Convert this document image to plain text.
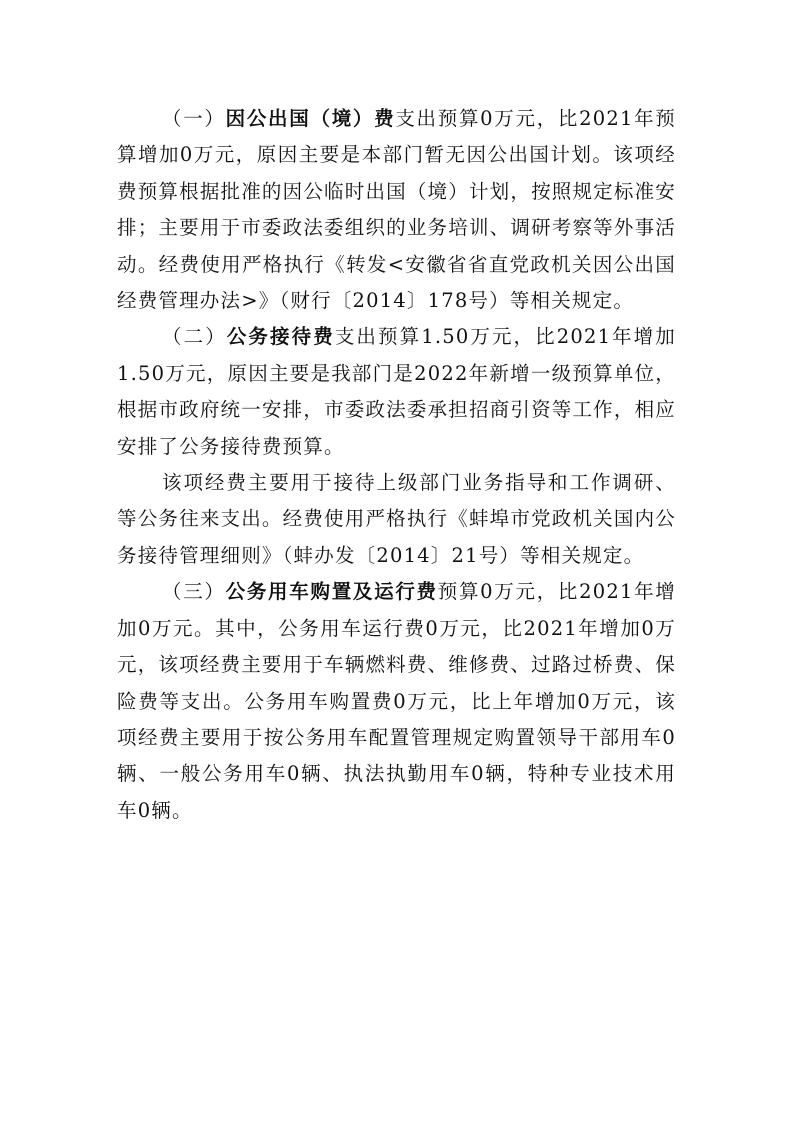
（一）因公出国（境）费支出预算0万元，比2021年预算增加0万元，原因主要是本部门暂无因公出国计划。该项经费预算根据批准的因公临时出国（境）计划，按照规定标准安排；主要用于市委政法委组织的业务培训、调研考察等外事活动。经费使用严格执行《转发<安徽省省直党政机关因公出国经费管理办法>》（财行〔2014〕178号）等相关规定。

（二）公务接待费支出预算1.50万元，比2021年增加1.50万元，原因主要是我部门是2022年新增一级预算单位，根据市政府统一安排，市委政法委承担招商引资等工作，相应安排了公务接待费预算。

该项经费主要用于接待上级部门业务指导和工作调研、等公务往来支出。经费使用严格执行《蚌埠市党政机关国内公务接待管理细则》（蚌办发〔2014〕21号）等相关规定。

（三）公务用车购置及运行费预算0万元，比2021年增加0万元。其中，公务用车运行费0万元，比2021年增加0万元，该项经费主要用于车辆燃料费、维修费、过路过桥费、保险费等支出。公务用车购置费0万元，比上年增加0万元，该项经费主要用于按公务用车配置管理规定购置领导干部用车0辆、一般公务用车0辆、执法执勤用车0辆，特种专业技术用车0辆。
